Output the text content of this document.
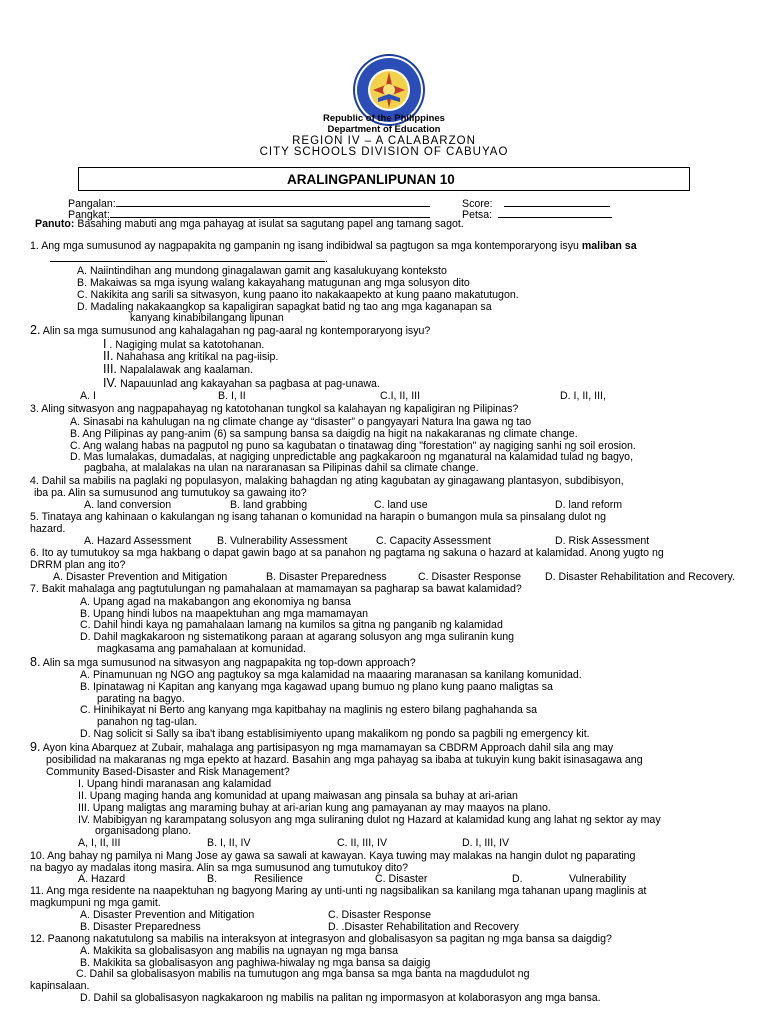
Republic of the Philippines
Department of Education
REGION IV – A CALABARZON
CITY SCHOOLS DIVISION OF CABUYAO
ARALINGPANLIPUNAN 10
Pangalan:
Pangkat:
Score:
Petsa:
Panuto: Basahing mabuti ang mga pahayag at isulat sa sagutang papel ang tamang sagot.
1. Ang mga sumusunod ay nagpapakita ng gampanin ng isang indibidwal sa pagtugon sa mga kontemporaryong isyu maliban sa
.
A. Naiintindihan ang mundong ginagalawan gamit ang kasalukuyang konteksto
B. Makaiwas sa mga isyung walang kakayahang matugunan ang mga solusyon dito
C. Nakikita ang sarili sa sitwasyon, kung paano ito nakakaapekto at kung paano makatutugon.
D. Madaling nakakaangkop sa kapaligiran sapagkat batid ng tao ang mga kaganapan sa
kanyang kinabibilangang lipunan
2. Alin sa mga sumusunod ang kahalagahan ng pag-aaral ng kontemporaryong isyu?
I . Nagiging mulat sa katotohanan.
II. Nahahasa ang kritikal na pag-iisip.
III. Napalalawak ang kaalaman.
IV. Napauunlad ang kakayahan sa pagbasa at pag-unawa.
A. I	B. I, II	C.I, II, III	D. I, II, III,
3. Aling sitwasyon ang nagpapahayag ng katotohanan tungkol sa kalahayan ng kapaligiran ng Pilipinas?
A. Sinasabi na kahulugan na ng climate change ay “disaster” o pangyayari Natura lna gawa ng tao
B. Ang Pilipinas ay pang-anim (6) sa sampung bansa sa daigdig na higit na nakakaranas ng climate change.
C. Ang walang habas na pagputol ng puno sa kagubatan o tinatawag ding "forestation" ay nagiging sanhi ng soil erosion.
D. Mas lumalakas, dumadalas, at nagiging unpredictable ang pagkakaroon ng mganatural na kalamidad tulad ng bagyo,
pagbaha, at malalakas na ulan na nararanasan sa Pilipinas dahil sa climate change.
4. Dahil sa mabilis na paglaki ng populasyon, malaking bahagdan ng ating kagubatan ay ginagawang plantasyon, subdibisyon,
iba pa. Alin sa sumusunod ang tumutukoy sa gawaing ito?
A. land conversion	B. land grabbing	C. land use	D. land reform
5. Tinataya ang kahinaan o kakulangan ng isang tahanan o komunidad na harapin o bumangon mula sa pinsalang dulot ng
hazard.
A. Hazard Assessment B. Vulnerability Assessment	C. Capacity Assessment	D. Risk Assessment
6. Ito ay tumutukoy sa mga hakbang o dapat gawin bago at sa panahon ng pagtama ng sakuna o hazard at kalamidad. Anong yugto ng
DRRM plan ang ito?
A. Disaster Prevention and Mitigation	B. Disaster Preparedness	C. Disaster Response D. Disaster Rehabilitation and Recovery.
7. Bakit mahalaga ang pagtutulungan ng pamahalaan at mamamayan sa pagharap sa bawat kalamidad?
A. Upang agad na makabangon ang ekonomiya ng bansa
B. Upang hindi lubos na maapektuhan ang mga mamamayan
C. Dahil hindi kaya ng pamahalaan lamang na kumilos sa gitna ng panganib ng kalamidad
D. Dahil magkakaroon ng sistematikong paraan at agarang solusyon ang mga suliranin kung
magkasama ang pamahalaan at komunidad.
8. Alin sa mga sumusunod na sitwasyon ang nagpapakita ng top-down approach?
A. Pinamunuan ng NGO ang pagtukoy sa mga kalamidad na maaaring maranasan sa kanilang komunidad.
B. Ipinatawag ni Kapitan ang kanyang mga kagawad upang bumuo ng plano kung paano maligtas sa
parating na bagyo.
C. Hinihikayat ni Berto ang kanyang mga kapitbahay na maglinis ng estero bilang paghahanda sa
panahon ng tag-ulan.
D. Nag solicit si Sally sa iba't ibang establisimiyento upang makalikom ng pondo sa pagbili ng emergency kit.
9. Ayon kina Abarquez at Zubair, mahalaga ang partisipasyon ng mga mamamayan sa CBDRM Approach dahil sila ang may
posibilidad na makaranas ng mga epekto at hazard. Basahin ang mga pahayag sa ibaba at tukuyin kung bakit isinasagawa ang
Community Based-Disaster and Risk Management?
I. Upang hindi maranasan ang kalamidad
II. Upang maging handa ang komunidad at upang maiwasan ang pinsala sa buhay at ari-arian
III. Upang maligtas ang maraming buhay at ari-arian kung ang pamayanan ay may maayos na plano.
IV. Mabibigyan ng karampatang solusyon ang mga suliraning dulot ng Hazard at kalamidad kung ang lahat ng sektor ay may
organisadong plano.
A, I, II, III	B. I, II, IV	C. II, III, IV	D. I, III, IV
10. Ang bahay ng pamilya ni Mang Jose ay gawa sa sawali at kawayan. Kaya tuwing may malakas na hangin dulot ng paparating
na bagyo ay madalas itong masira. Alin sa mga sumusunod ang tumutukoy dito?
A. Hazard	B.	Resilience	C. Disaster	D.	Vulnerability
11. Ang mga residente na naapektuhan ng bagyong Maring ay unti-unti ng nagsibalikan sa kanilang mga tahanan upang maglinis at
magkumpuni ng mga gamit.
A. Disaster Prevention and Mitigation	C. Disaster Response
B. Disaster Preparedness	D. .Disaster Rehabilitation and Recovery
12. Paanong nakatutulong sa mabilis na interaksyon at integrasyon and globalisasyon sa pagitan ng mga bansa sa daigdig?
A. Makikita sa globalisasyon ang mabilis na ugnayan ng mga bansa
B. Makikita sa globalisasyon ang paghiwa-hiwalay ng mga bansa sa daigig
C. Dahil sa globalisasyon mabilis na tumutugon ang mga bansa sa mga banta na magdudulot ng
kapinsalaan.
D. Dahil sa globalisasyon nagkakaroon ng mabilis na palitan ng impormasyon at kolaborasyon ang mga bansa.
